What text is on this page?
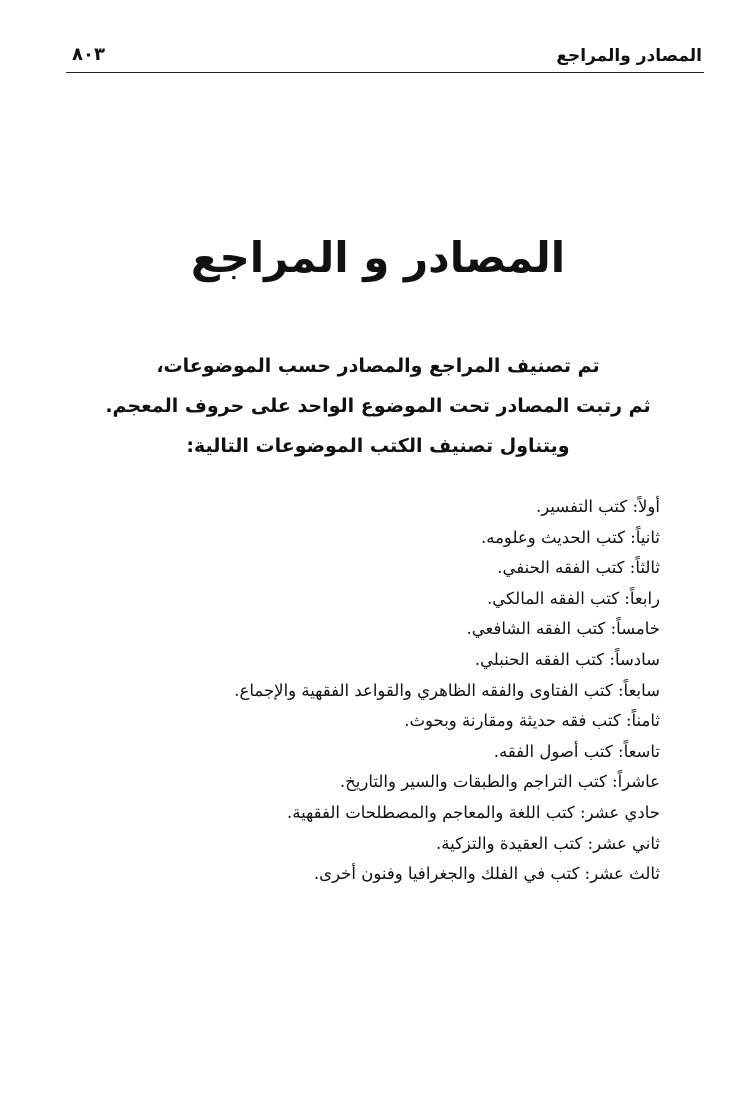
المصادر والمراجع
٨٠٣
المصادر و المراجع
تم تصنيف المراجع والمصادر حسب الموضوعات،
ثم رتبت المصادر تحت الموضوع الواحد على حروف المعجم.
ويتناول تصنيف الكتب الموضوعات التالية:
أولاً: كتب التفسير.
ثانياً: كتب الحديث وعلومه.
ثالثاً: كتب الفقه الحنفي.
رابعاً: كتب الفقه المالكي.
خامساً: كتب الفقه الشافعي.
سادساً: كتب الفقه الحنبلي.
سابعاً: كتب الفتاوى والفقه الظاهري والقواعد الفقهية والإجماع.
ثامناً: كتب فقه حديثة ومقارنة وبحوث.
تاسعاً: كتب أصول الفقه.
عاشراً: كتب التراجم والطبقات والسير والتاريخ.
حادي عشر: كتب اللغة والمعاجم والمصطلحات الفقهية.
ثاني عشر: كتب العقيدة والتزكية.
ثالث عشر: كتب في الفلك والجغرافيا وفنون أخرى.
